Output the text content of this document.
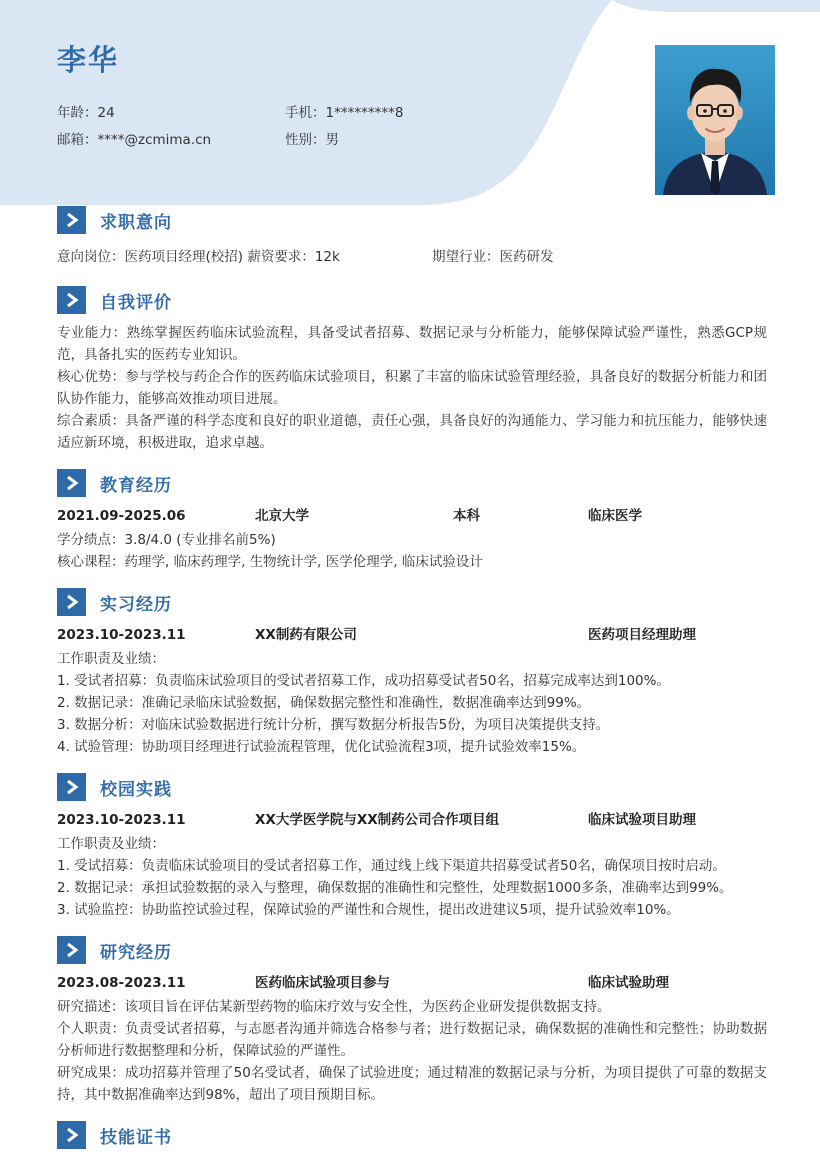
李华
年龄：24	手机：1*********8
邮箱：****@zcmima.cn	性别：男
求职意向
意向岗位：医药项目经理(校招) 薪资要求：12k	期望行业：医药研发
自我评价
专业能力：熟练掌握医药临床试验流程，具备受试者招募、数据记录与分析能力，能够保障试验严谨性，熟悉GCP规范，具备扎实的医药专业知识。
核心优势：参与学校与药企合作的医药临床试验项目，积累了丰富的临床试验管理经验，具备良好的数据分析能力和团队协作能力，能够高效推动项目进展。
综合素质：具备严谨的科学态度和良好的职业道德，责任心强，具备良好的沟通能力、学习能力和抗压能力，能够快速适应新环境，积极进取，追求卓越。
教育经历
2021.09-2025.06	北京大学	本科	临床医学
学分绩点：3.8/4.0 (专业排名前5%)
核心课程：药理学, 临床药理学, 生物统计学, 医学伦理学, 临床试验设计
实习经历
2023.10-2023.11	XX制药有限公司	医药项目经理助理
工作职责及业绩：
1. 受试者招募：负责临床试验项目的受试者招募工作，成功招募受试者50名，招募完成率达到100%。
2. 数据记录：准确记录临床试验数据，确保数据完整性和准确性，数据准确率达到99%。
3. 数据分析：对临床试验数据进行统计分析，撰写数据分析报告5份，为项目决策提供支持。
4. 试验管理：协助项目经理进行试验流程管理，优化试验流程3项，提升试验效率15%。
校园实践
2023.10-2023.11	XX大学医学院与XX制药公司合作项目组	临床试验项目助理
工作职责及业绩：
1. 受试招募：负责临床试验项目的受试者招募工作，通过线上线下渠道共招募受试者50名，确保项目按时启动。
2. 数据记录：承担试验数据的录入与整理，确保数据的准确性和完整性，处理数据1000多条，准确率达到99%。
3. 试验监控：协助监控试验过程，保障试验的严谨性和合规性，提出改进建议5项，提升试验效率10%。
研究经历
2023.08-2023.11	医药临床试验项目参与	临床试验助理
研究描述：该项目旨在评估某新型药物的临床疗效与安全性，为医药企业研发提供数据支持。
个人职责：负责受试者招募，与志愿者沟通并筛选合格参与者；进行数据记录，确保数据的准确性和完整性；协助数据分析师进行数据整理和分析，保障试验的严谨性。
研究成果：成功招募并管理了50名受试者，确保了试验进度；通过精准的数据记录与分析，为项目提供了可靠的数据支持，其中数据准确率达到98%，超出了项目预期目标。
技能证书
